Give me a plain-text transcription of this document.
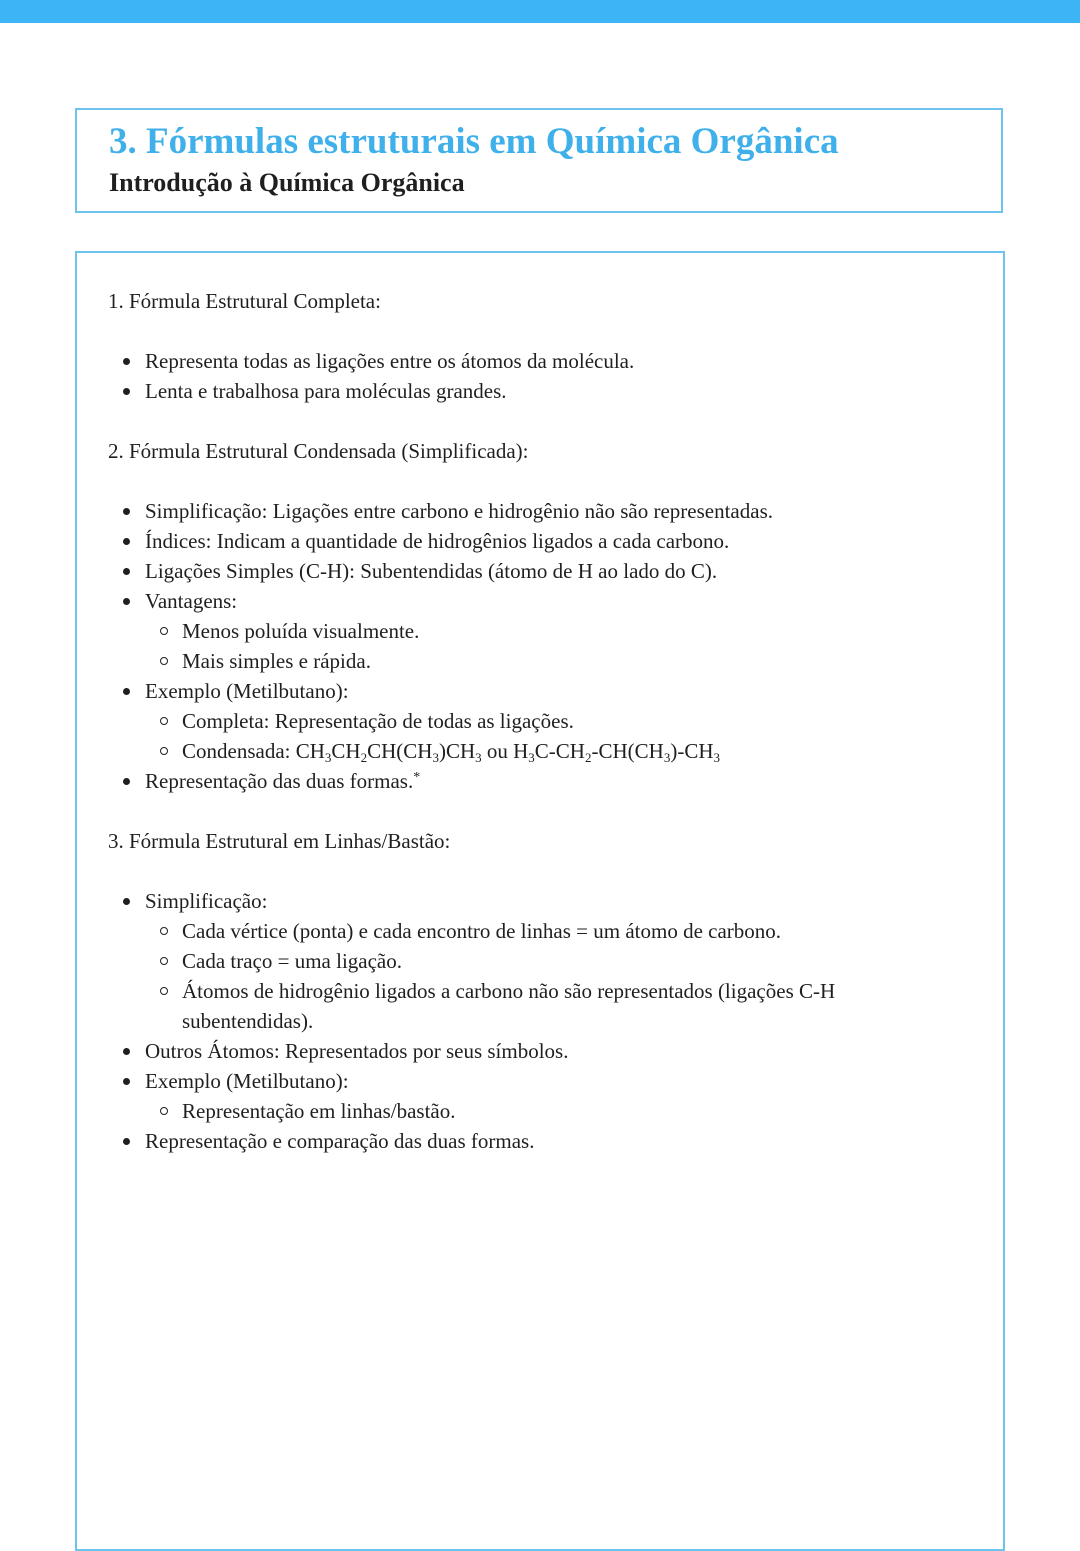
3. Fórmulas estruturais em Química Orgânica
Introdução à Química Orgânica

1. Fórmula Estrutural Completa:

Representa todas as ligações entre os átomos da molécula.
Lenta e trabalhosa para moléculas grandes.

2. Fórmula Estrutural Condensada (Simplificada):

Simplificação: Ligações entre carbono e hidrogênio não são representadas.
Índices: Indicam a quantidade de hidrogênios ligados a cada carbono.
Ligações Simples (C-H): Subentendidas (átomo de H ao lado do C).
Vantagens:
Menos poluída visualmente.
Mais simples e rápida.
Exemplo (Metilbutano):
Completa: Representação de todas as ligações.
Condensada: $CH_3CH_2CH(CH_3)CH_3$ ou $H_3C-CH_2-CH(CH_3)-CH_3$
Representação das duas formas.*

3. Fórmula Estrutural em Linhas/Bastão:

Simplificação:
Cada vértice (ponta) e cada encontro de linhas = um átomo de carbono.
Cada traço = uma ligação.
Átomos de hidrogênio ligados a carbono não são representados (ligações C-H subentendidas).
Outros Átomos: Representados por seus símbolos.
Exemplo (Metilbutano):
Representação em linhas/bastão.
Representação e comparação das duas formas.
